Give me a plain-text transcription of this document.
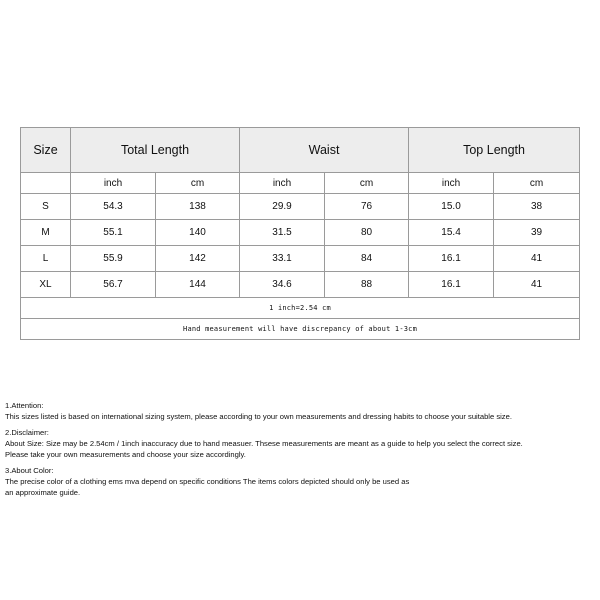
Size	Total Length		Waist		Top Length	
	inch	cm	inch	cm	inch	cm
S	54.3	138	29.9	76	15.0	38
M	55.1	140	31.5	80	15.4	39
L	55.9	142	33.1	84	16.1	41
XL	56.7	144	34.6	88	16.1	41
1 inch=2.54 cm						
Hand measurement will have discrepancy of about 1-3cm						
1.Attention:
This sizes listed is based on international sizing system, please according to your own measurements and dressing habits to choose your suitable size.
2.Disclaimer:
About Size: Size may be 2.54cm / 1inch inaccuracy due to hand measuer. Thsese measurements are meant as a guide to help you select the correct size.
Please take your own measurements and choose your size accordingly.
3.About Color:
The precise color of a clothing ems mva depend on specific conditions The items colors depicted should only be used as
an approximate guide.
